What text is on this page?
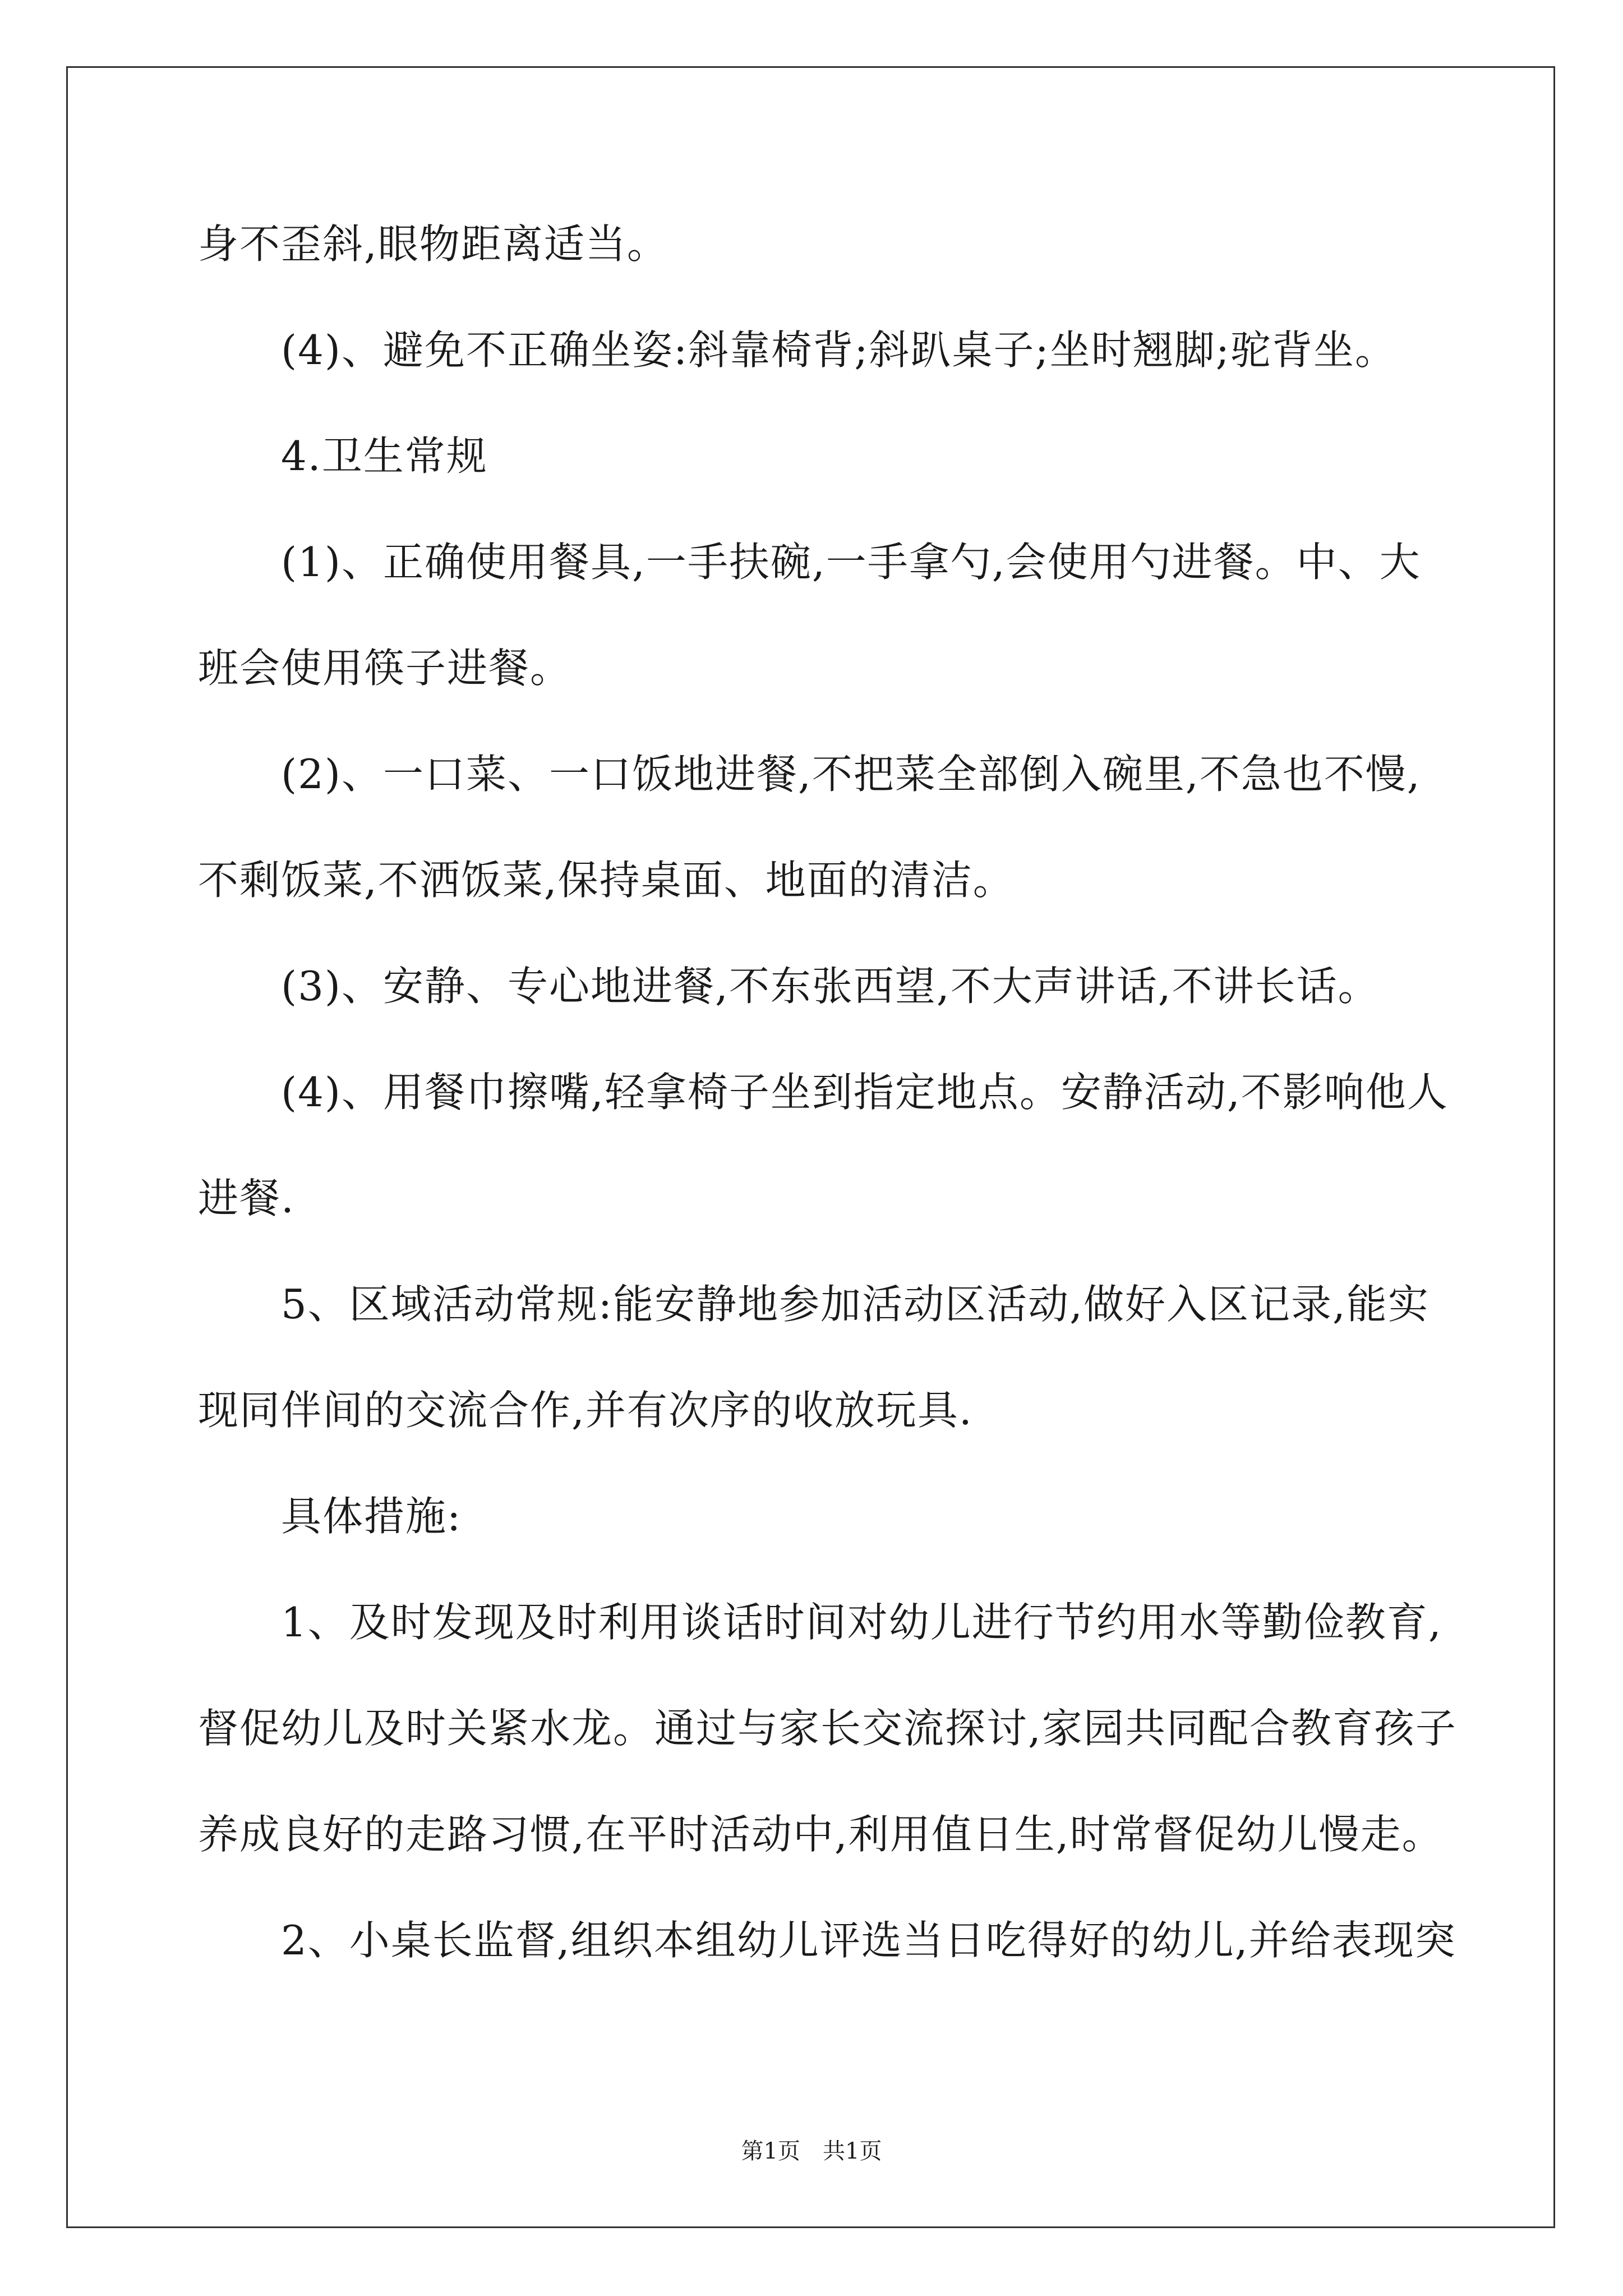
身不歪斜,眼物距离适当。
(4)、避免不正确坐姿:斜靠椅背;斜趴桌子;坐时翘脚;驼背坐。
4.卫生常规
(1)、正确使用餐具,一手扶碗,一手拿勺,会使用勺进餐。中、大
班会使用筷子进餐。
(2)、一口菜、一口饭地进餐,不把菜全部倒入碗里,不急也不慢,
不剩饭菜,不洒饭菜,保持桌面、地面的清洁。
(3)、安静、专心地进餐,不东张西望,不大声讲话,不讲长话。
(4)、用餐巾擦嘴,轻拿椅子坐到指定地点。安静活动,不影响他人
进餐.
5、区域活动常规:能安静地参加活动区活动,做好入区记录,能实
现同伴间的交流合作,并有次序的收放玩具.
具体措施:
1、及时发现及时利用谈话时间对幼儿进行节约用水等勤俭教育,
督促幼儿及时关紧水龙。通过与家长交流探讨,家园共同配合教育孩子
养成良好的走路习惯,在平时活动中,利用值日生,时常督促幼儿慢走。
2、小桌长监督,组织本组幼儿评选当日吃得好的幼儿,并给表现突
第1页　共1页
